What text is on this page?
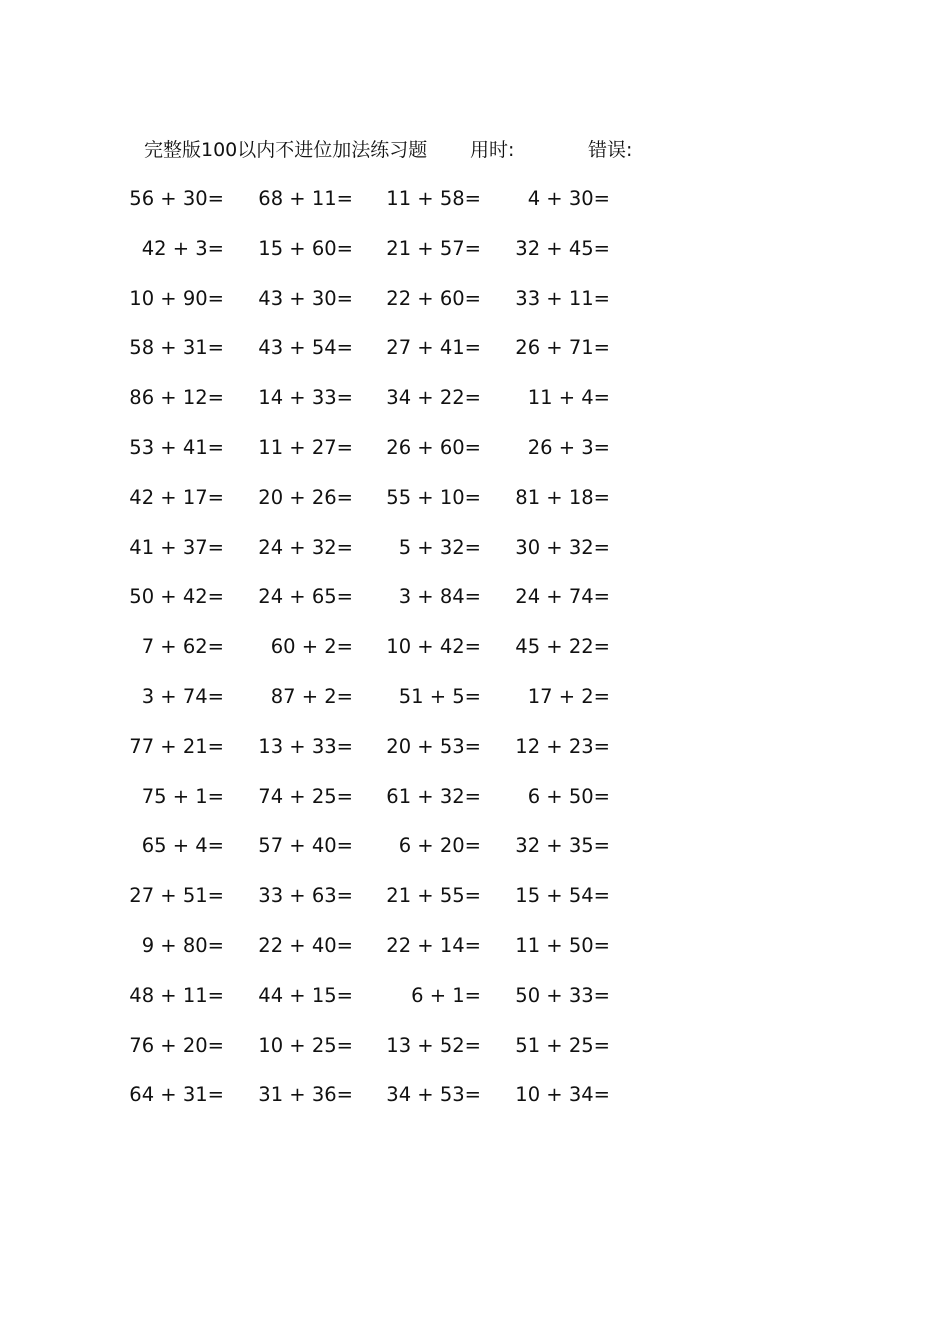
完整版100以内不进位加法练习题 用时:	错误:
56 + 30= 68 + 11= 11 + 58= 4 + 30=
42 + 3= 15 + 60= 21 + 57= 32 + 45=
10 + 90= 43 + 30= 22 + 60= 33 + 11=
58 + 31= 43 + 54= 27 + 41= 26 + 71=
86 + 12= 14 + 33= 34 + 22= 11 + 4=
53 + 41= 11 + 27= 26 + 60= 26 + 3=
42 + 17= 20 + 26= 55 + 10= 81 + 18=
41 + 37= 24 + 32= 5 + 32= 30 + 32=
50 + 42= 24 + 65= 3 + 84= 24 + 74=
7 + 62= 60 + 2= 10 + 42= 45 + 22=
3 + 74= 87 + 2= 51 + 5= 17 + 2=
77 + 21= 13 + 33= 20 + 53= 12 + 23=
75 + 1= 74 + 25= 61 + 32= 6 + 50=
65 + 4= 57 + 40= 6 + 20= 32 + 35=
27 + 51= 33 + 63= 21 + 55= 15 + 54=
9 + 80= 22 + 40= 22 + 14= 11 + 50=
48 + 11= 44 + 15=	6 + 1= 50 + 33=
76 + 20= 10 + 25= 13 + 52= 51 + 25=
64 + 31= 31 + 36= 34 + 53= 10 + 34=
